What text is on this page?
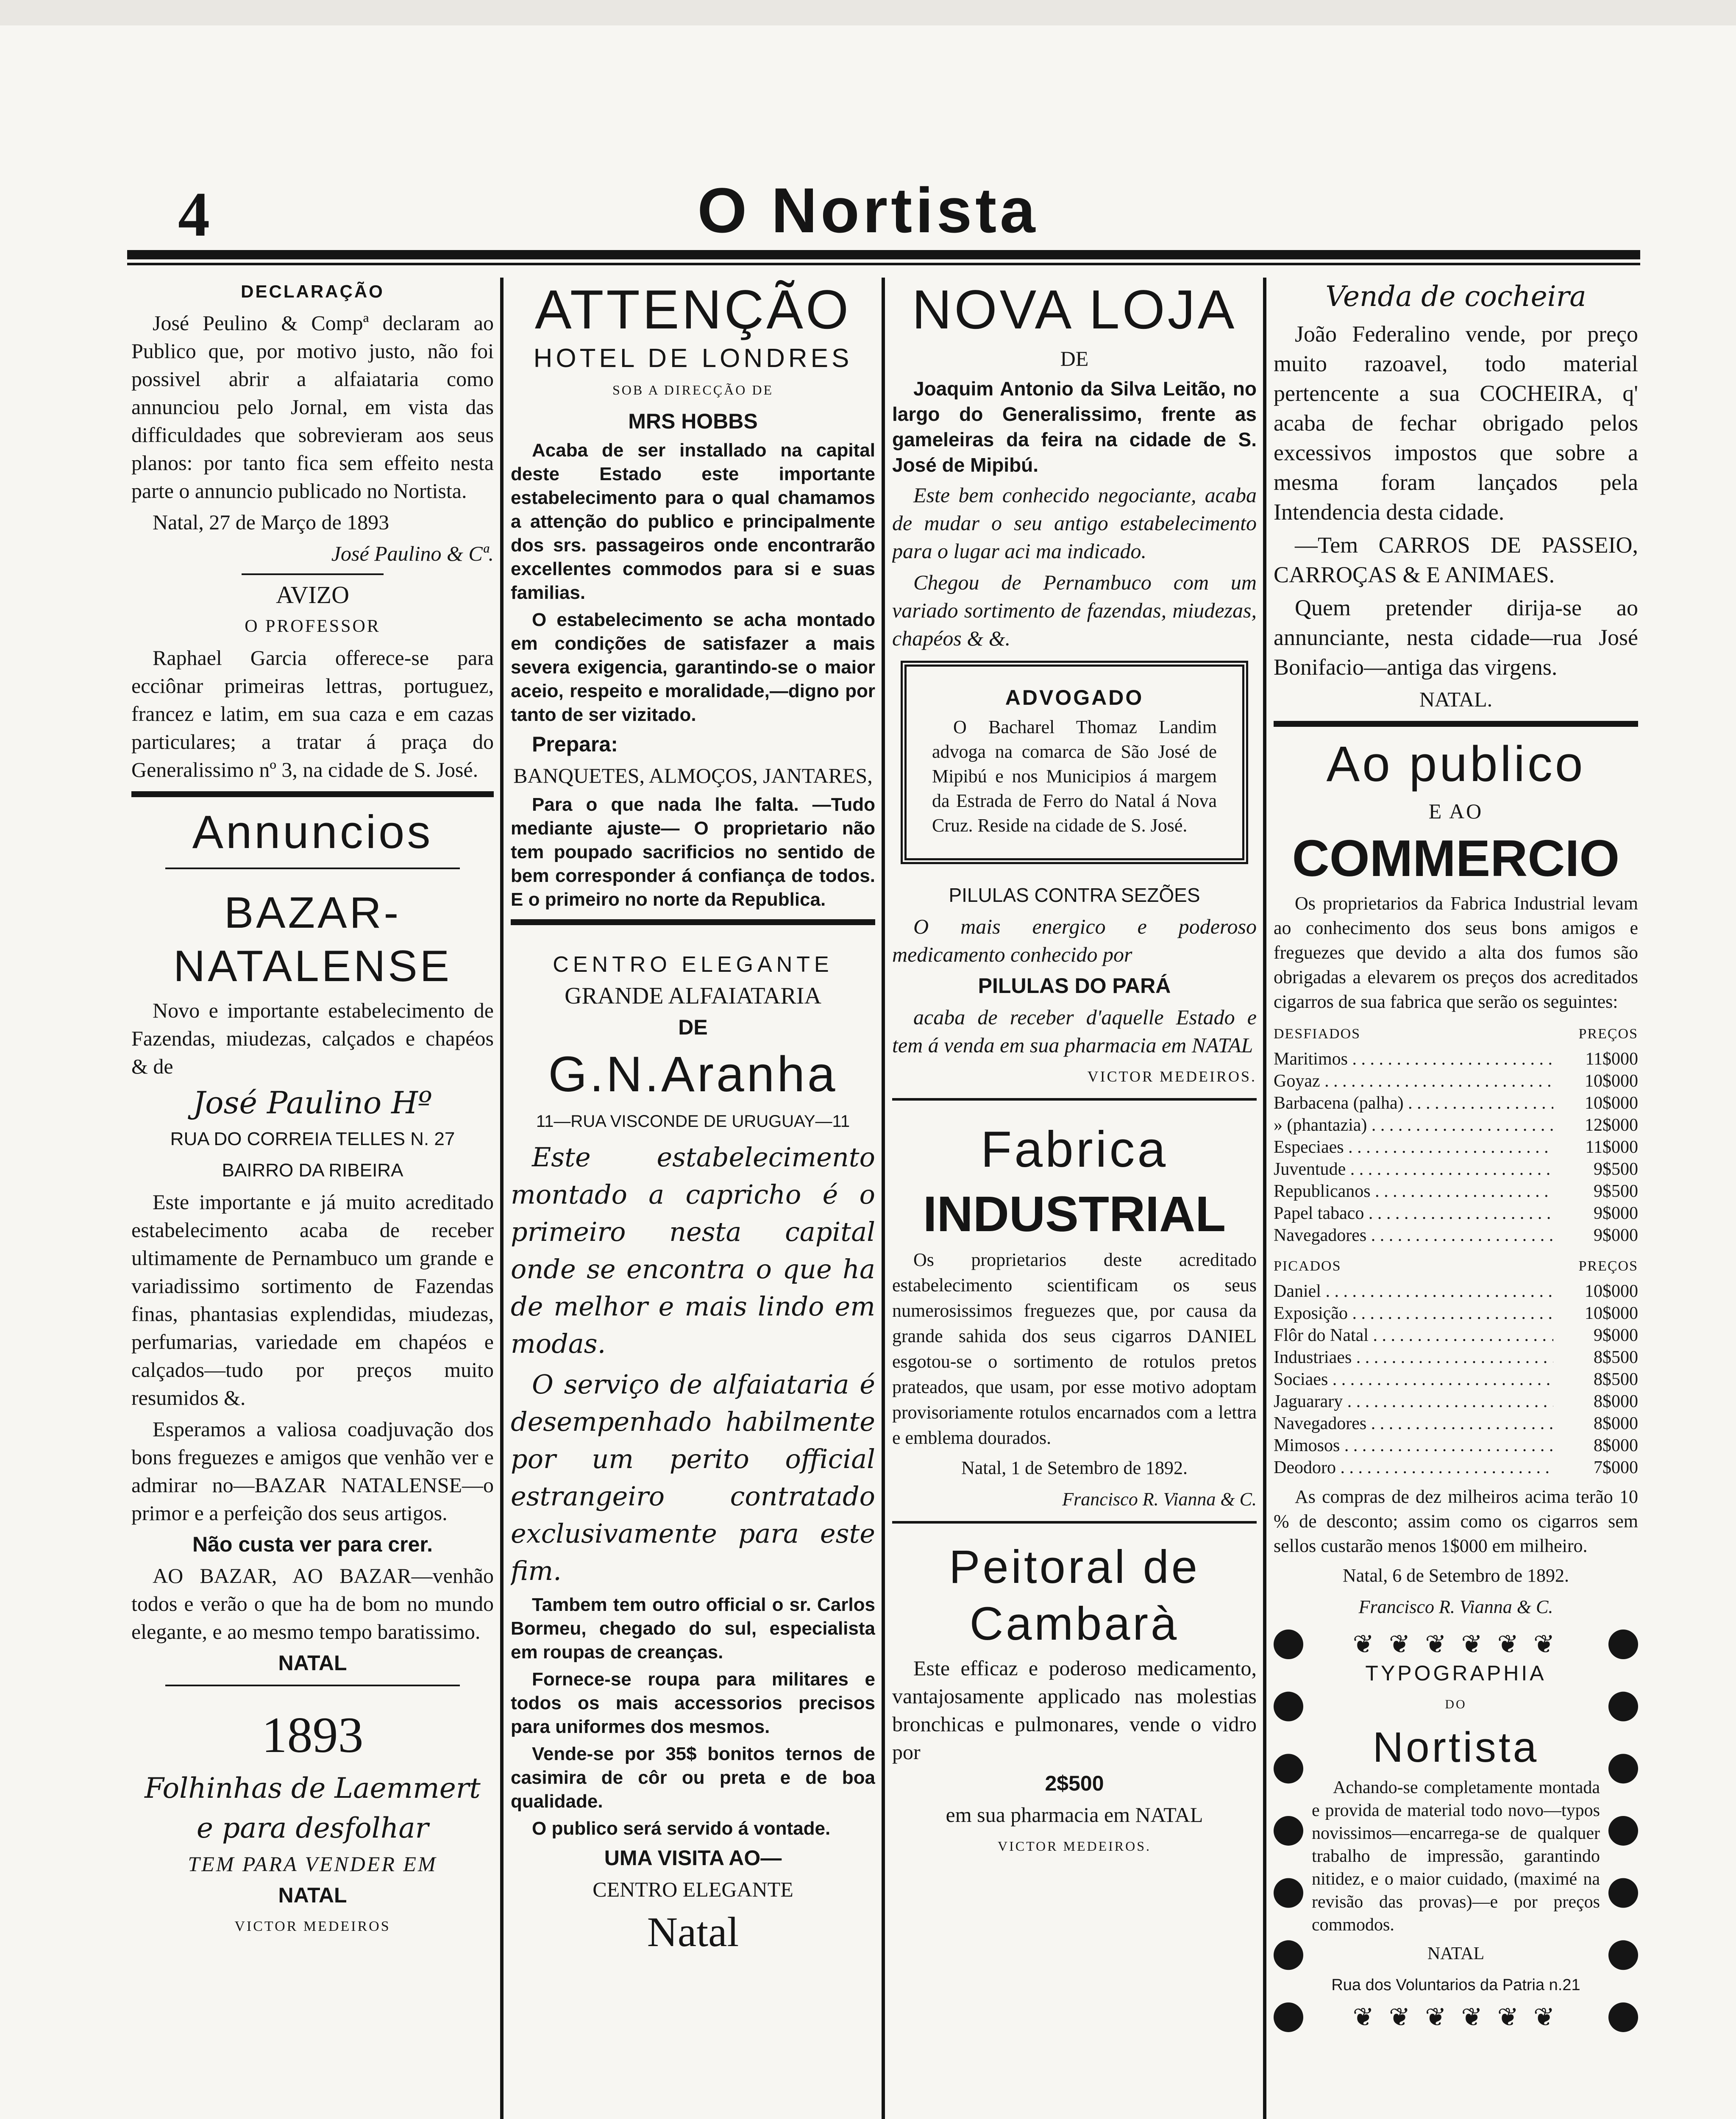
4	O Nortista

DECLARAÇÃO

José Peulino & Compª declaram ao Publico que, por motivo justo, não foi possivel abrir a alfaiataria como annunciou pelo Jornal, em vista das difficuldades que sobrevieram aos seus planos: por tanto fica sem effeito nesta parte o annuncio publicado no Nortista.

Natal, 27 de Março de 1893

José Paulino & Cª.

AVIZO

O PROFESSOR

Raphael Garcia offerece-se para ecciônar primeiras lettras, portuguez, francez e latim, em sua caza e em cazas particulares; a tratar á praça do Generalissimo nº 3, na cidade de S. José.

Annuncios

BAZAR-NATALENSE

Novo e importante estabelecimento de Fazendas, miudezas, calçados e chapéos & de

José Paulino Hº

RUA DO CORREIA TELLES N. 27

BAIRRO DA RIBEIRA

Este importante e já muito acreditado estabelecimento acaba de receber ultimamente de Pernambuco um grande e variadissimo sortimento de Fazendas finas, phantasias explendidas, miudezas, perfumarias, variedade em chapéos e calçados—tudo por preços muito resumidos &.

Esperamos a valiosa coadjuvação dos bons freguezes e amigos que venhão ver e admirar no—BAZAR NATALENSE—o primor e a perfeição dos seus artigos.

Não custa ver para crer.

AO BAZAR, AO BAZAR—venhão todos e verão o que ha de bom no mundo elegante, e ao mesmo tempo baratissimo.

NATAL

1893

Folhinhas de Laemmert

e para desfolhar

TEM PARA VENDER EM

NATAL

VICTOR MEDEIROS

ATTENÇÃO

HOTEL DE LONDRES

SOB A DIRECÇÃO DE

MRS HOBBS

Acaba de ser installado na capital deste Estado este importante estabelecimento para o qual chamamos a attenção do publico e principalmente dos srs. passageiros onde encontrarão excellentes commodos para si e suas familias.

O estabelecimento se acha montado em condições de satisfazer a mais severa exigencia, garantindo-se o maior aceio, respeito e moralidade,—digno por tanto de ser vizitado.

Prepara:

BANQUETES, ALMOÇOS, JANTARES,

Para o que nada lhe falta. —Tudo mediante ajuste— O proprietario não tem poupado sacrificios no sentido de bem corresponder á confiança de todos. E o primeiro no norte da Republica.

CENTRO ELEGANTE

GRANDE ALFAIATARIA

DE

G.N.Aranha

11—RUA VISCONDE DE URUGUAY—11

Este estabelecimento montado a capricho é o primeiro nesta capital onde se encontra o que ha de melhor e mais lindo em modas.

O serviço de alfaiataria é desempenhado habilmente por um perito official estrangeiro contratado exclusivamente para este fim.

Tambem tem outro official o sr. Carlos Bormeu, chegado do sul, especialista em roupas de creanças.

Fornece-se roupa para militares e todos os mais accessorios precisos para uniformes dos mesmos.

Vende-se por 35$ bonitos ternos de casimira de côr ou preta e de boa qualidade.

O publico será servido á vontade.

UMA VISITA AO—

CENTRO ELEGANTE

Natal

NOVA LOJA

DE

Joaquim Antonio da Silva Leitão, no largo do Generalissimo, frente as gameleiras da feira na cidade de S. José de Mipibú.

Este bem conhecido negociante, acaba de mudar o seu antigo estabelecimento para o lugar aci ma indicado.

Chegou de Pernambuco com um variado sortimento de fazendas, miudezas, chapéos & &.

ADVOGADO

O Bacharel Thomaz Landim advoga na comarca de São José de Mipibú e nos Municipios á margem da Estrada de Ferro do Natal á Nova Cruz. Reside na cidade de S. José.

PILULAS CONTRA SEZÕES

O mais energico e poderoso medicamento conhecido por

PILULAS DO PARÁ

acaba de receber d'aquelle Estado e tem á venda em sua pharmacia em NATAL

VICTOR MEDEIROS.

Fabrica

INDUSTRIAL

Os proprietarios deste acreditado estabelecimento scientificam os seus numerosissimos freguezes que, por causa da grande sahida dos seus cigarros DANIEL esgotou-se o sortimento de rotulos pretos prateados, que usam, por esse motivo adoptam provisoriamente rotulos encarnados com a lettra e emblema dourados.

Natal, 1 de Setembro de 1892.

Francisco R. Vianna & C.

Peitoral de

Cambarà

Este efficaz e poderoso medicamento, vantajosamente applicado nas molestias bronchicas e pulmonares, vende o vidro por

2$500

em sua pharmacia em NATAL

VICTOR MEDEIROS.

Venda de cocheira

João Federalino vende, por preço muito razoavel, todo material pertencente a sua COCHEIRA, q' acaba de fechar obrigado pelos excessivos impostos que sobre a mesma foram lançados pela Intendencia desta cidade.

—Tem CARROS DE PASSEIO, CARROÇAS & E ANIMAES.

Quem pretender dirija-se ao annunciante, nesta cidade—rua José Bonifacio—antiga das virgens.

NATAL.

Ao publico

E AO

COMMERCIO

Os proprietarios da Fabrica Industrial levam ao conhecimento dos seus bons amigos e freguezes que devido a alta dos fumos são obrigadas a elevarem os preços dos acreditados cigarros de sua fabrica que serão os seguintes:

DESFIADOS	PREÇOS
Maritimos . . .	11$000
Goyaz . . .	10$000
Barbacena (palha) . . .	10$000
» (phantazia) . . .	12$000
Especiaes . . .	11$000
Juventude . . .	9$500
Republicanos . . .	9$500
Papel tabaco . . .	9$000
Navegadores . . .	9$000
PICADOS	PREÇOS
Daniel . . .	10$000
Exposição . . .	10$000
Flôr do Natal . . .	9$000
Industriaes . . .	8$500
Sociaes . . .	8$500
Jaguarary . . .	8$000
Navegadores . . .	8$000
Mimosos . . .	8$000
Deodoro . . .	7$000

As compras de dez milheiros acima terão 10 % de desconto; assim como os cigarros sem sellos custarão menos 1$000 em milheiro.

Natal, 6 de Setembro de 1892.

Francisco R. Vianna & C.

❦ ❦ ❦ ❦ ❦ ❦

TYPOGRAPHIA

DO

Nortista

Achando-se completamente montada e provida de material todo novo—typos novissimos—encarrega-se de qualquer trabalho de impressão, garantindo nitidez, e o maior cuidado, (maximé na revisão das provas)—e por preços commodos.

NATAL

Rua dos Voluntarios da Patria n.21

❦ ❦ ❦ ❦ ❦ ❦
